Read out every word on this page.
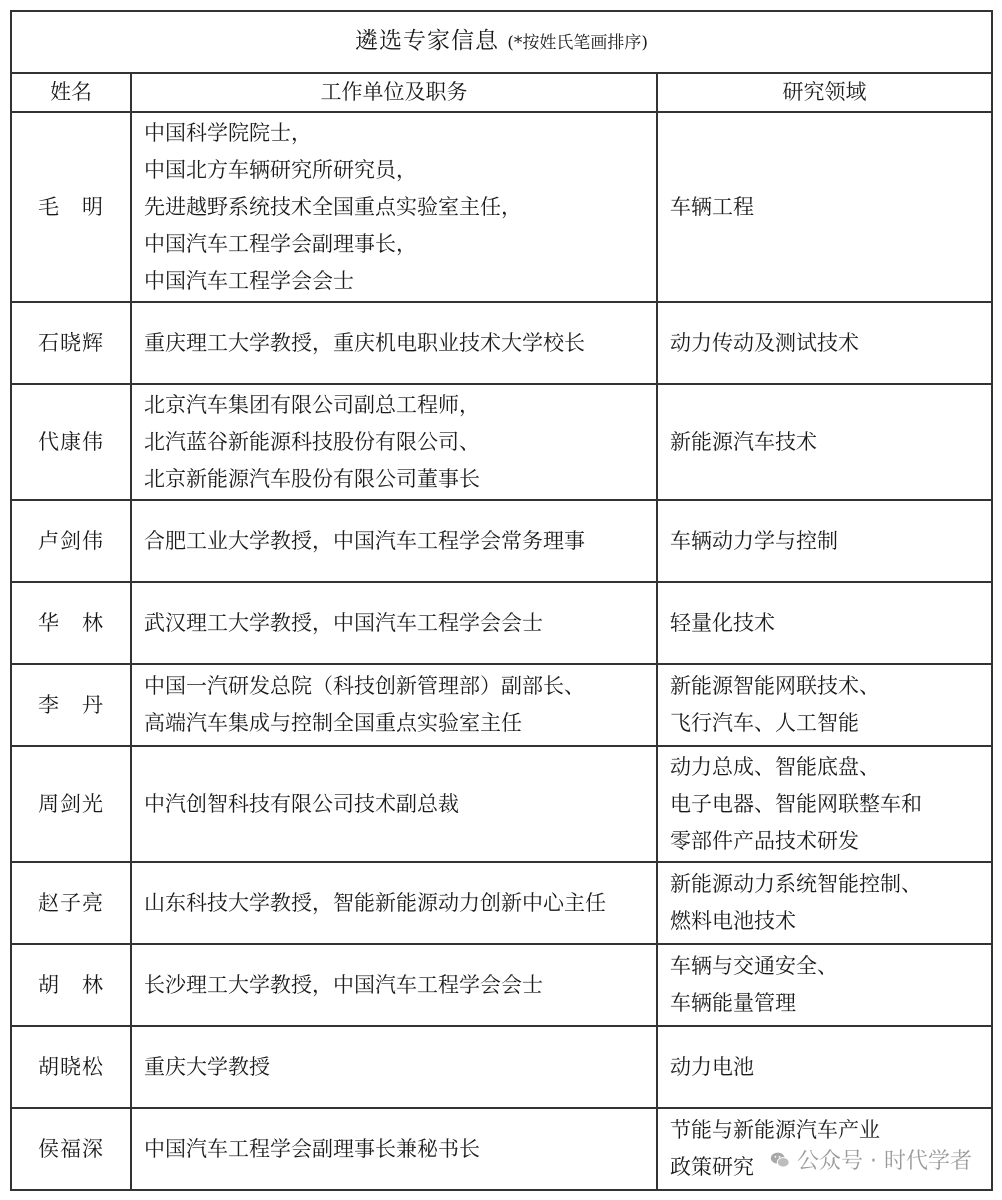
遴选专家信息 (*按姓氏笔画排序)		
姓名	工作单位及职务	研究领域
毛　明	中国科学院院士，
中国北方车辆研究所研究员，
先进越野系统技术全国重点实验室主任，
中国汽车工程学会副理事长，
中国汽车工程学会会士	车辆工程

石晓辉	重庆理工大学教授，重庆机电职业技术大学校长	动力传动及测试技术

代康伟	北京汽车集团有限公司副总工程师，
北汽蓝谷新能源科技股份有限公司、
北京新能源汽车股份有限公司董事长	新能源汽车技术

卢剑伟	合肥工业大学教授，中国汽车工程学会常务理事	车辆动力学与控制

华　林	武汉理工大学教授，中国汽车工程学会会士	轻量化技术

李　丹	中国一汽研发总院（科技创新管理部）副部长、
高端汽车集成与控制全国重点实验室主任	新能源智能网联技术、
飞行汽车、人工智能

周剑光	中汽创智科技有限公司技术副总裁	动力总成、智能底盘、
电子电器、智能网联整车和
零部件产品技术研发

赵子亮	山东科技大学教授，智能新能源动力创新中心主任	新能源动力系统智能控制、
燃料电池技术

胡　林	长沙理工大学教授，中国汽车工程学会会士	车辆与交通安全、
车辆能量管理

胡晓松	重庆大学教授	动力电池

侯福深	中国汽车工程学会副理事长兼秘书长	节能与新能源汽车产业
政策研究	公众号 · 时代学者
